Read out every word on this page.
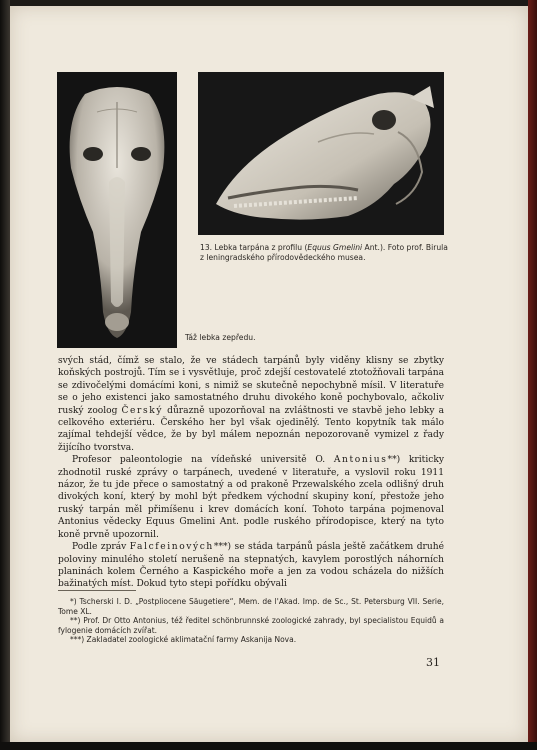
13. Lebka tarpána z profilu (Equus Gmelini Ant.). Foto prof. Birula z leningradského přírodovědeckého musea.
Táž lebka zepředu.

svých stád, čímž se stalo, že ve stádech tarpánů byly viděny klisny se zbytky koňských postrojů. Tím se i vysvětluje, proč zdejší cestovatelé ztotožňovali tarpána se zdivočelými domácími koni, s nimiž se skutečně nepochybně mísil. V literatuře se o jeho existenci jako samostatného druhu divokého koně pochybovalo, ačkoliv ruský zoolog Čerský důrazně upozorňoval na zvláštnosti ve stavbě jeho lebky a celkového exteriéru. Čerského her byl však ojedinělý. Tento kopytník tak málo zajímal tehdejší vědce, že by byl málem nepoznán nepozorovaně vymizel z řady žijícího tvorstva.

Profesor paleontologie na vídeňské universitě O. Antonius**) kriticky zhodnotil ruské zprávy o tarpánech, uvedené v literatuře, a vyslovil roku 1911 názor, že tu jde přece o samostatný a od prakoně Przewalského zcela odlišný druh divokých koní, který by mohl být předkem východní skupiny koní, přestože jeho ruský tarpán měl přimíšenu i krev domácích koní. Tohoto tarpána pojmenoval Antonius vědecky Equus Gmelini Ant. podle ruského přírodopisce, který na tyto koně prvně upozornil.

Podle zpráv Falcfeinových***) se stáda tarpánů pásla ještě začátkem druhé poloviny minulého století nerušeně na stepnatých, kavylem porostlých náhorních planinách kolem Černého a Kaspického moře a jen za vodou scházela do nižších bažinatých míst. Dokud tyto stepi pořídku obývali

*) Tscherski I. D. „Postpliocene Säugetiere“, Mem. de l'Akad. Imp. de Sc., St. Petersburg VII. Serie, Tome XL.

**) Prof. Dr Otto Antonius, též ředitel schönbrunnské zoologické zahrady, byl specialistou Equidů a fylogenie domácích zvířat.

***) Zakladatel zoologické aklimatační farmy Askanija Nova.

31
